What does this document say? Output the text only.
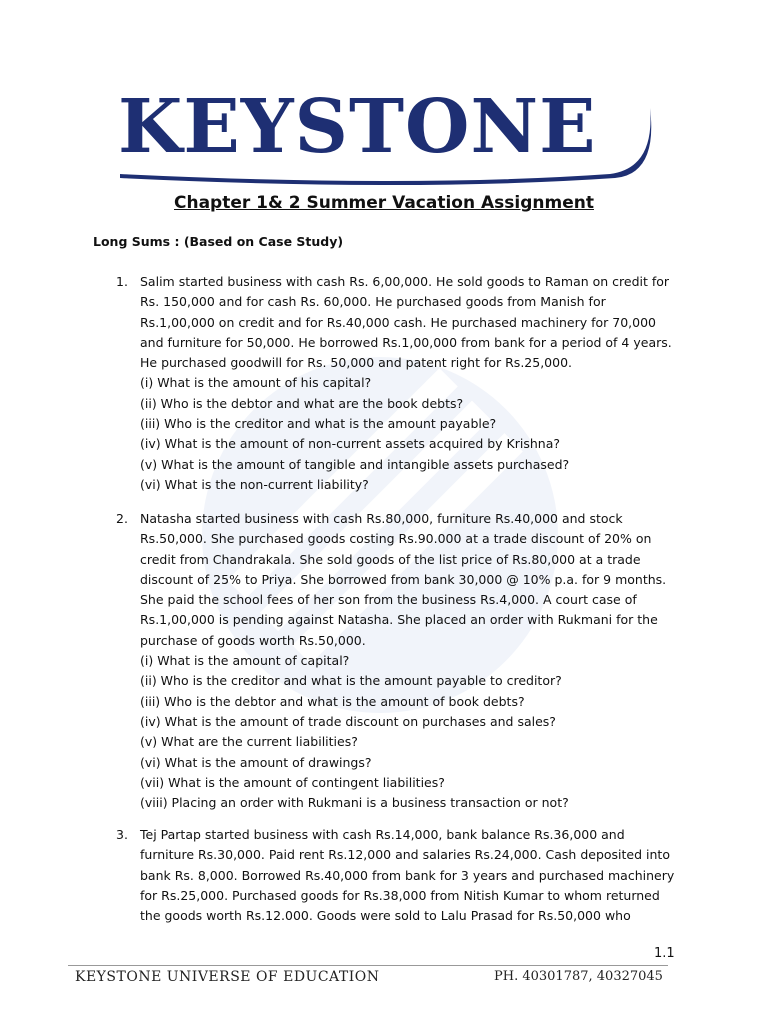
KEYSTONE
Chapter 1& 2 Summer Vacation Assignment
Long Sums : (Based on Case Study)
1. Salim started business with cash Rs. 6,00,000. He sold goods to Raman on credit for
Rs. 150,000 and for cash Rs. 60,000. He purchased goods from Manish for
Rs.1,00,000 on credit and for Rs.40,000 cash. He purchased machinery for 70,000
and furniture for 50,000. He borrowed Rs.1,00,000 from bank for a period of 4 years.
He purchased goodwill for Rs. 50,000 and patent right for Rs.25,000.
(i) What is the amount of his capital?
(ii) Who is the debtor and what are the book debts?
(iii) Who is the creditor and what is the amount payable?
(iv) What is the amount of non-current assets acquired by Krishna?
(v) What is the amount of tangible and intangible assets purchased?
(vi) What is the non-current liability?
2. Natasha started business with cash Rs.80,000, furniture Rs.40,000 and stock
Rs.50,000. She purchased goods costing Rs.90.000 at a trade discount of 20% on
credit from Chandrakala. She sold goods of the list price of Rs.80,000 at a trade
discount of 25% to Priya. She borrowed from bank 30,000 @ 10% p.a. for 9 months.
She paid the school fees of her son from the business Rs.4,000. A court case of
Rs.1,00,000 is pending against Natasha. She placed an order with Rukmani for the
purchase of goods worth Rs.50,000.
(i) What is the amount of capital?
(ii) Who is the creditor and what is the amount payable to creditor?
(iii) Who is the debtor and what is the amount of book debts?
(iv) What is the amount of trade discount on purchases and sales?
(v) What are the current liabilities?
(vi) What is the amount of drawings?
(vii) What is the amount of contingent liabilities?
(viii) Placing an order with Rukmani is a business transaction or not?
3. Tej Partap started business with cash Rs.14,000, bank balance Rs.36,000 and
furniture Rs.30,000. Paid rent Rs.12,000 and salaries Rs.24,000. Cash deposited into
bank Rs. 8,000. Borrowed Rs.40,000 from bank for 3 years and purchased machinery
for Rs.25,000. Purchased goods for Rs.38,000 from Nitish Kumar to whom returned
the goods worth Rs.12.000. Goods were sold to Lalu Prasad for Rs.50,000 who
1.1
KEYSTONE UNIVERSE OF EDUCATION	PH. 40301787, 40327045
